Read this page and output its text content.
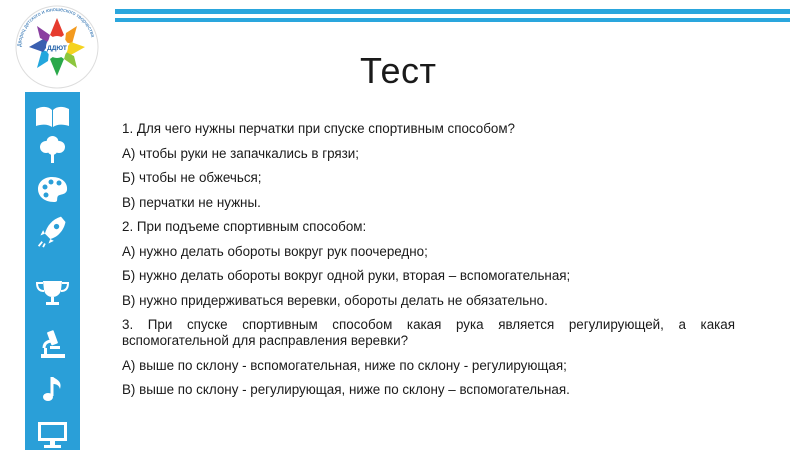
Дворец детского и юношеского творчества
ДДЮТ
Тест

1. Для чего нужны перчатки при спуске спортивным способом?

А) чтобы руки не запачкались в грязи;

Б) чтобы не обжечься;

В) перчатки не нужны.

2. При подъеме спортивным способом:

А) нужно делать обороты вокруг рук поочередно;

Б) нужно делать обороты вокруг одной руки, вторая – вспомогательная;

В) нужно придерживаться веревки, обороты делать не обязательно.

3. При спуске спортивным способом какая рука является регулирующей, а какая вспомогательной для расправления веревки?

А) выше по склону - вспомогательная, ниже по склону - регулирующая;

В) выше по склону - регулирующая, ниже по склону – вспомогательная.
